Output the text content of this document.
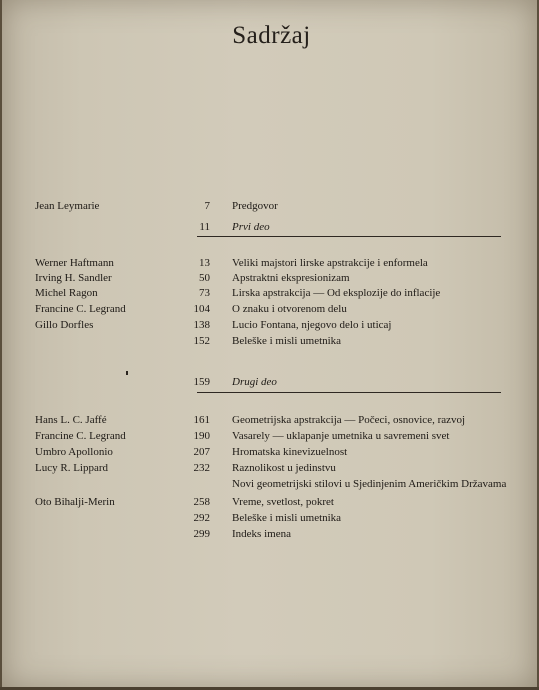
Sadržaj
Jean Leymarie	7 Predgovor
11 Prvi deo
Werner Haftmann	13 Veliki majstori lirske apstrakcije i enformela
Irving H. Sandler	50 Apstraktni ekspresionizam
Michel Ragon	73 Lirska apstrakcija — Od eksplozije do inflacije
Francine C. Legrand	104 O znaku i otvorenom delu
Gillo Dorfles	138 Lucio Fontana, njegovo delo i uticaj
152 Beleške i misli umetnika
159 Drugi deo
Hans L. C. Jaffé	161 Geometrijska apstrakcija — Počeci, osnovice, razvoj
Francine C. Legrand	190 Vasarely — uklapanje umetnika u savremeni svet
Umbro Apollonio	207 Hromatska kinevizuelnost
Lucy R. Lippard	232 Raznolikost u jedinstvu
Novi geometrijski stilovi u Sjedinjenim Američkim Državama
Oto Bihalji-Merin	258 Vreme, svetlost, pokret
292 Beleške i misli umetnika
299 Indeks imena
